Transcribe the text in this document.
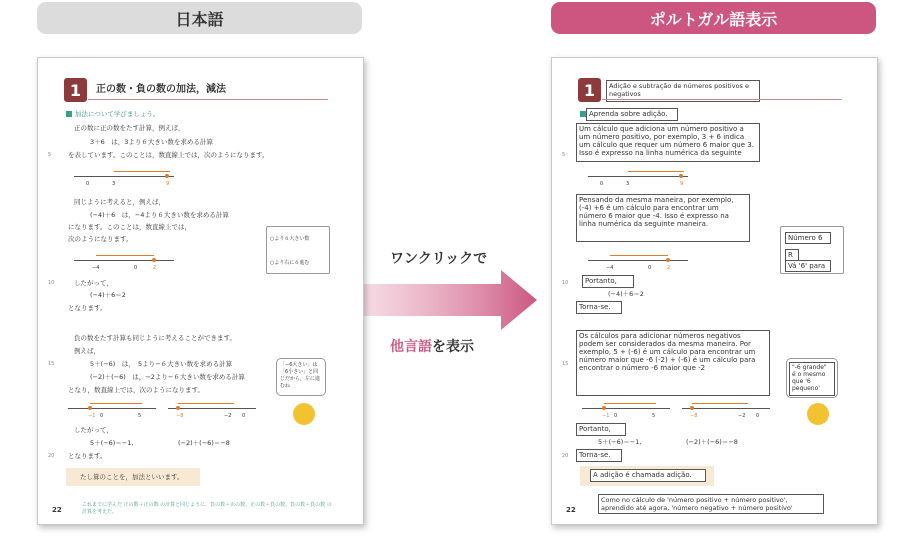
日本語	ポルトガル語表示
ワンクリックで
他言語を表示
1	正の数・負の数の加法，減法
加法について学びましょう。
正の数に正の数をたす計算，例えば，
3＋6　は，3より６大きい数を求める計算
5	を表しています。このことは，数直線上では，次のようになります。
0	3	9
同じように考えると，例えば，
(−4)＋6　は，−4より６大きい数を求める計算
になります。このことは，数直線上では，
次のようになります。
−4	0	2
○より６大きい数
○より右に６進む
10	したがって，
(−4)＋6＝2
となります。
負の数をたす計算も同じように考えることができます。
例えば，
15	5＋(−6)　は，　5より−６大きい数を求める計算
(−2)＋(−6)　は，−2より−６大きい数を求める計算
となり，数直線上では，次のようになります。
「−6大きい」は「6小さい」と同じだから，左に進むね
−1 0	5	−8	−2 0
したがって，
5＋(−6)＝−1,	(−2)＋(−6)＝−8
20 となります。
たし算のことを，加法といいます。
22
これまでに学んだ 正の数＋正の数 の計算と同じように，負の数＋正の数，正の数＋負の数，負の数＋負の数 の計算を考えた。
1	Adição e subtração de números positivos e negativos
Aprenda sobre adição.
Um cálculo que adiciona um número positivo a um número positivo, por exemplo, 3 + 6 indica um cálculo que requer um número 6 maior que 3. Isso é expresso na linha numérica da seguinte
5
0	3	9
Pensando da mesma maneira, por exemplo, (-4) +6 é um cálculo para encontrar um número 6 maior que -4. Isso é expresso na linha numérica da seguinte maneira.
−4	0	2
Número 6
R
Vá '6' para
10	Portanto,
(−4)＋6＝2
Torna-se.
Os cálculos para adicionar números negativos podem ser considerados da mesma maneira. Por exemplo, 5 + (-6) é um cálculo para encontrar um número maior que -6 (-2) + (-6) é um cálculo para encontrar o número -6 maior que -2
15	"-6 grande" é o mesmo que '6 pequeno'
−1 0	5	−8	−2 0
Portanto,
5＋(−6)＝−1,	(−2)＋(−6)＝−8
20	Torna-se.
A adição é chamada adição.
22
Como no cálculo de 'número positivo + número positivo', aprendido até agora, 'número negativo + número positivo'
